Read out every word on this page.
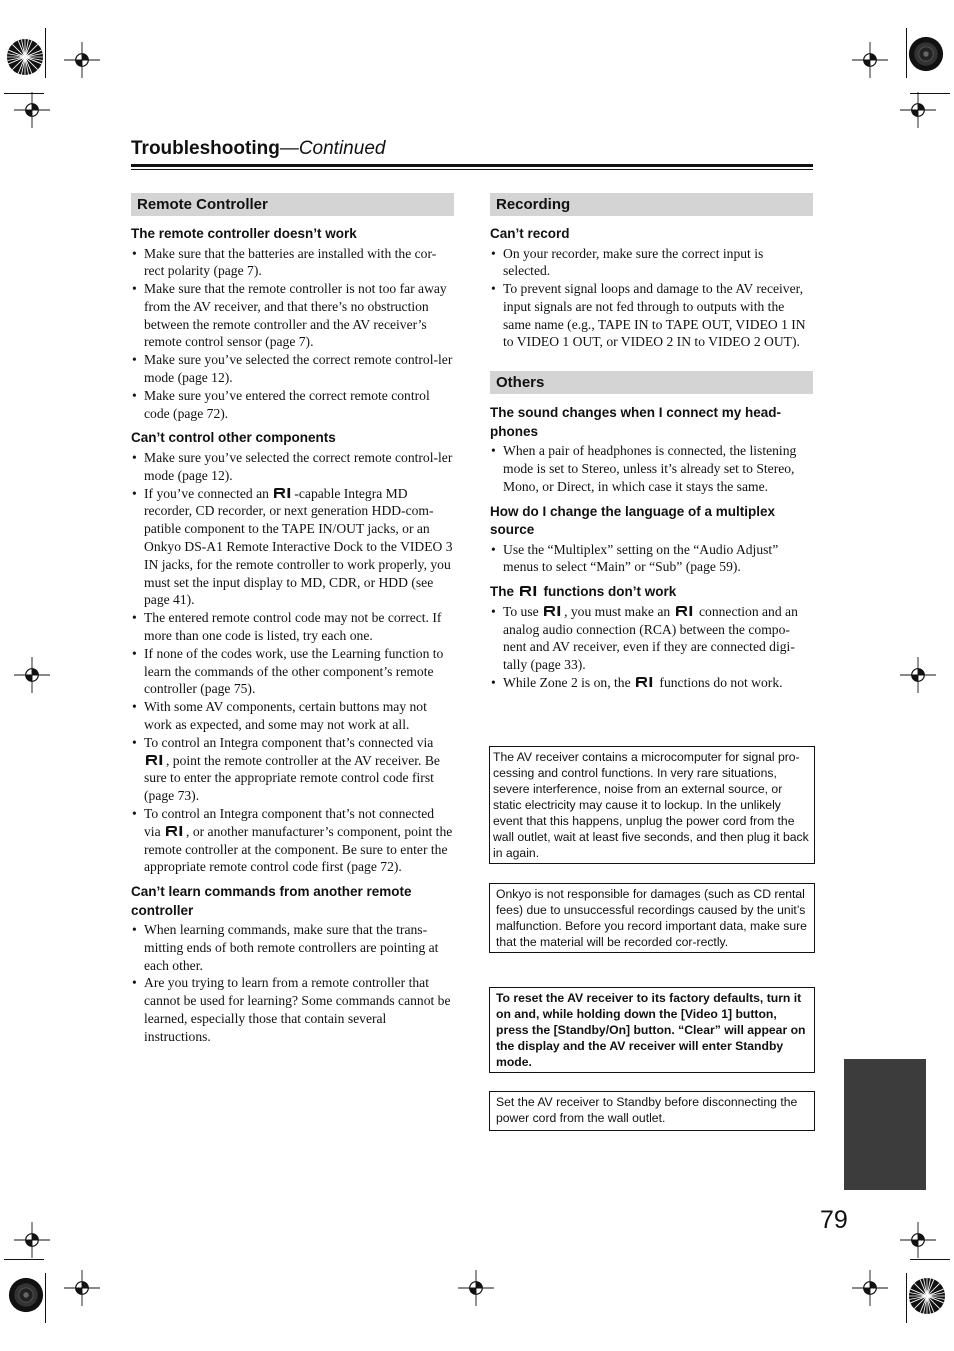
Troubleshooting—Continued
Remote Controller
The remote controller doesn’t work
• Make sure that the batteries are installed with the cor-rect polarity (page 7).
• Make sure that the remote controller is not too far away from the AV receiver, and that there’s no obstruction between the remote controller and the AV receiver’s remote control sensor (page 7).
• Make sure you’ve selected the correct remote control-ler mode (page 12).
• Make sure you’ve entered the correct remote control code (page 72).
Can’t control other components
• Make sure you’ve selected the correct remote control-ler mode (page 12).
• If you’ve connected an -capable Integra MD recorder, CD recorder, or next generation HDD-com-patible component to the TAPE IN/OUT jacks, or an Onkyo DS-A1 Remote Interactive Dock to the VIDEO 3 IN jacks, for the remote controller to work properly, you must set the input display to MD, CDR, or HDD (see page 41).
• The entered remote control code may not be correct. If more than one code is listed, try each one.
• If none of the codes work, use the Learning function to learn the commands of the other component’s remote controller (page 75).
• With some AV components, certain buttons may not work as expected, and some may not work at all.
• To control an Integra component that’s connected via , point the remote controller at the AV receiver. Be sure to enter the appropriate remote control code first (page 73).
• To control an Integra component that’s not connected via , or another manufacturer’s component, point the remote controller at the component. Be sure to enter the appropriate remote control code first (page 72).
Can’t learn commands from another remote controller
• When learning commands, make sure that the trans-mitting ends of both remote controllers are pointing at each other.
• Are you trying to learn from a remote controller that cannot be used for learning? Some commands cannot be learned, especially those that contain several instructions.
Recording
Can’t record
• On your recorder, make sure the correct input is selected.
• To prevent signal loops and damage to the AV receiver, input signals are not fed through to outputs with the same name (e.g., TAPE IN to TAPE OUT, VIDEO 1 IN to VIDEO 1 OUT, or VIDEO 2 IN to VIDEO 2 OUT).
Others
The sound changes when I connect my head-phones
• When a pair of headphones is connected, the listening mode is set to Stereo, unless it’s already set to Stereo, Mono, or Direct, in which case it stays the same.
How do I change the language of a multiplex source
• Use the “Multiplex” setting on the “Audio Adjust” menus to select “Main” or “Sub” (page 59).
The functions don’t work
• To use , you must make an connection and an analog audio connection (RCA) between the compo-nent and AV receiver, even if they are connected digi-tally (page 33).
• While Zone 2 is on, the functions do not work.
The AV receiver contains a microcomputer for signal pro-cessing and control functions. In very rare situations, severe interference, noise from an external source, or static electricity may cause it to lockup. In the unlikely event that this happens, unplug the power cord from the wall outlet, wait at least five seconds, and then plug it back in again.
Onkyo is not responsible for damages (such as CD rental fees) due to unsuccessful recordings caused by the unit’s malfunction. Before you record important data, make sure that the material will be recorded cor-rectly.
To reset the AV receiver to its factory defaults, turn it on and, while holding down the [Video 1] button, press the [Standby/On] button. “Clear” will appear on the display and the AV receiver will enter Standby mode.
Set the AV receiver to Standby before disconnecting the power cord from the wall outlet.
79
